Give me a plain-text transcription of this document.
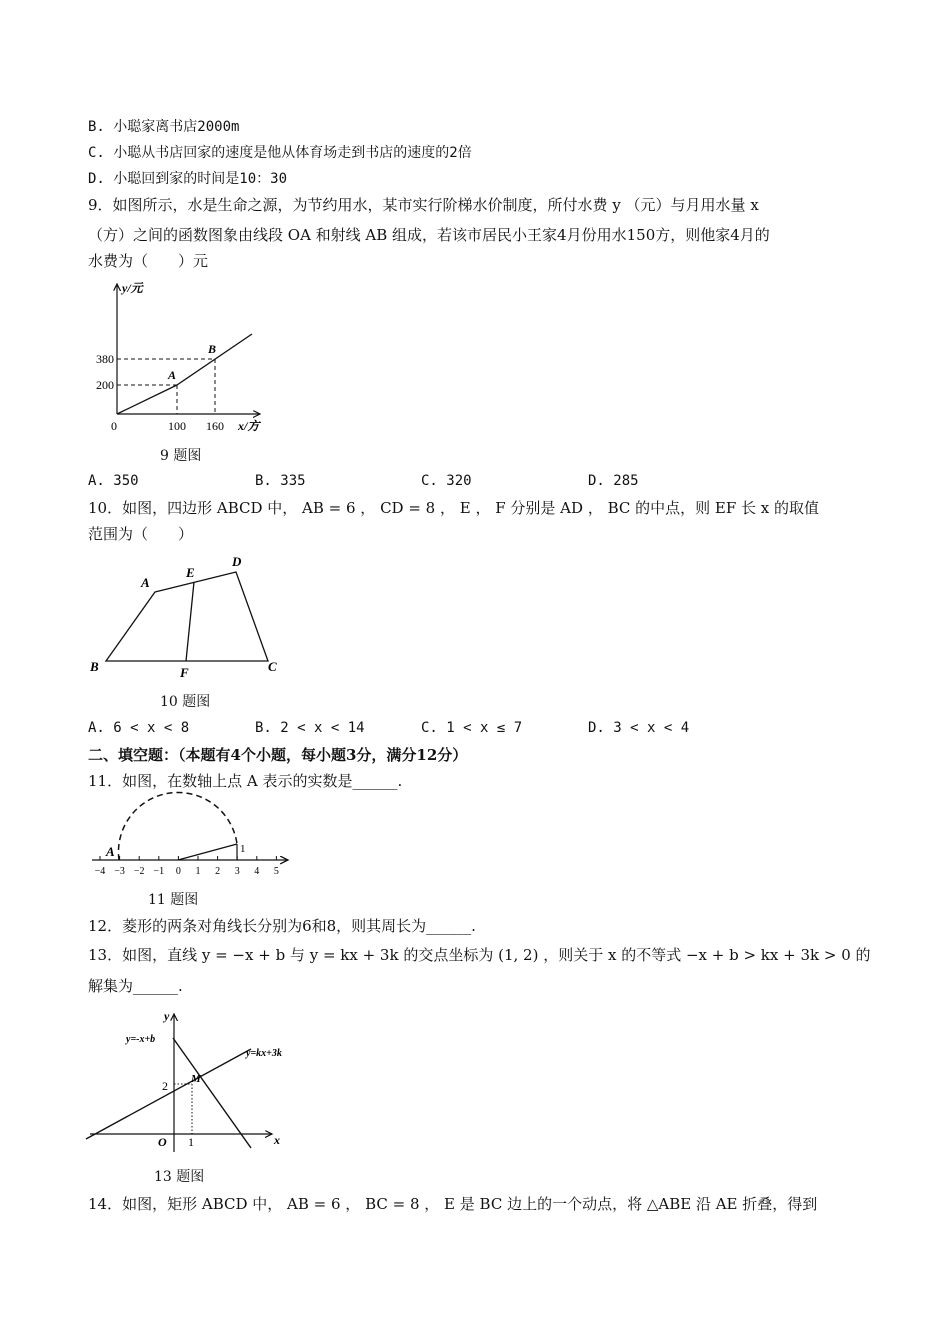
B. 小聪家离书店2000m
C. 小聪从书店回家的速度是他从体育场走到书店的速度的2倍
D. 小聪回到家的时间是10：30
9．如图所示，水是生命之源，为节约用水，某市实行阶梯水价制度，所付水费 y （元）与月用水量 x
（方）之间的函数图象由线段 OA 和射线 AB 组成，若该市居民小王家4月份用水150方，则他家4月的
水费为（　　）元
y/元
x/方
0
380
200
100 160
A
B
9 题图
A. 350	B. 335	C. 320	D. 285
10．如图，四边形 ABCD 中， AB = 6 ， CD = 8 ， E ， F 分别是 AD ， BC 的中点，则 EF 长 x 的取值
范围为（　　）
A
E
D
B	F	C
10 题图
A. 6 < x < 8	B. 2 < x < 14	C. 1 < x ≤ 7	D. 3 < x < 4
二、填空题：（本题有4个小题，每小题3分，满分12分）
11．如图，在数轴上点 A 表示的实数是______.
−4 −3 −2 −1 0 1 2 3 4 5
A	1
11 题图
12．菱形的两条对角线长分别为6和8，则其周长为______.
13．如图，直线 y = −x + b 与 y = kx + 3k 的交点坐标为 (1, 2) ，则关于 x 的不等式 −x + b > kx + 3k > 0 的
解集为______.
y=-x+b
y=kx+3k
M
2
1
O	x
y
13 题图
14．如图，矩形 ABCD 中， AB = 6 ， BC = 8 ， E 是 BC 边上的一个动点，将 △ABE 沿 AE 折叠，得到
